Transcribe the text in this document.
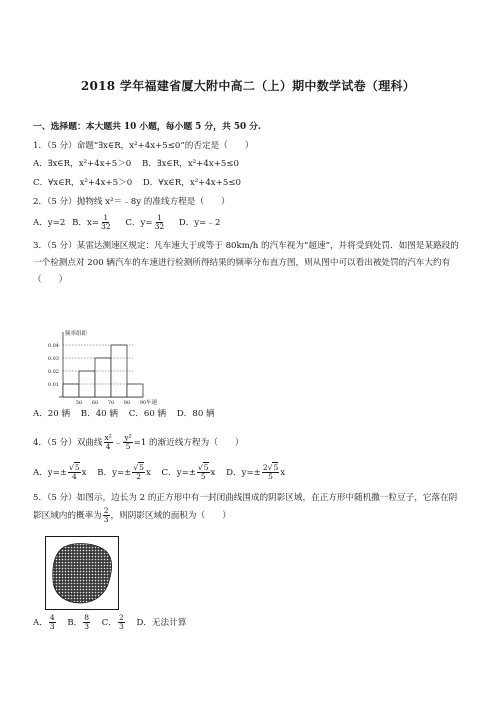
2018 学年福建省厦大附中高二（上）期中数学试卷（理科）
一、选择题：本大题共 10 小题，每小题 5 分，共 50 分.
1．（5 分）命题“∃x∈R，x²+4x+5≤0”的否定是（　　）
A．∃x∈R，x²+4x+5＞0 B．∃x∈R，x²+4x+5≤0
C．∀x∈R，x²+4x+5＞0 D．∀x∈R，x²+4x+5≤0
2．（5 分）抛物线 x²＝﹣8y 的准线方程是（　　）
A．y=2 B．$x= \frac{1}{32}$ C．$y= \frac{1}{32}$ D．y=﹣2
3．（5 分）某雷达测速区规定：凡车速大于或等于 80km/h 的汽车视为“超速”，并将受到处罚．如图是某路段的一个检测点对 200 辆汽车的车速进行检测所得结果的频率分布直方图，则从图中可以看出被处罚的汽车大约有（　　）
频率组距
0.04
0.03
0.02
0.01
50 60 70 80 90 车速
A．20 辆 B．40 辆 C．60 辆 D．80 辆
4．（5 分）双曲线 $\frac{\text{x²}}{4}$ ﹣ $\frac{\text{y²}}{5} =1$ 的渐近线方程为（　　）
A．$y=\pm \frac{√5}{4}$ x B．$y=\pm \frac{√5}{2}$ x C．$y=\pm \frac{√5}{5}$ x D．$y=\pm \frac{2√5}{5}$ x
5．（5 分）如图示，边长为 2 的正方形中有一封闭曲线围成的阴影区域，在正方形中随机撒一粒豆子，它落在阴影区域内的概率为 $\frac{2}{3}$ ，则阴影区域的面积为（　　）
A． $\frac{4}{3}$ B． $\frac{8}{3}$ C． $\frac{2}{3}$ D．无法计算
